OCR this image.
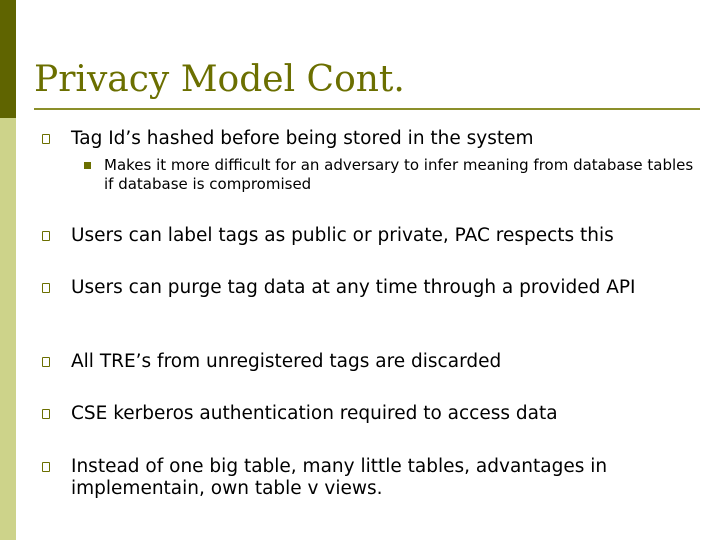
Privacy Model Cont.
Tag Id’s hashed before being stored in the system
Makes it more difficult for an adversary to infer meaning from database tables if database is compromised
Users can label tags as public or private, PAC respects this
Users can purge tag data at any time through a provided API
All TRE’s from unregistered tags are discarded
CSE kerberos authentication required to access data
Instead of one big table, many little tables, advantages in implementain, own table v views.
